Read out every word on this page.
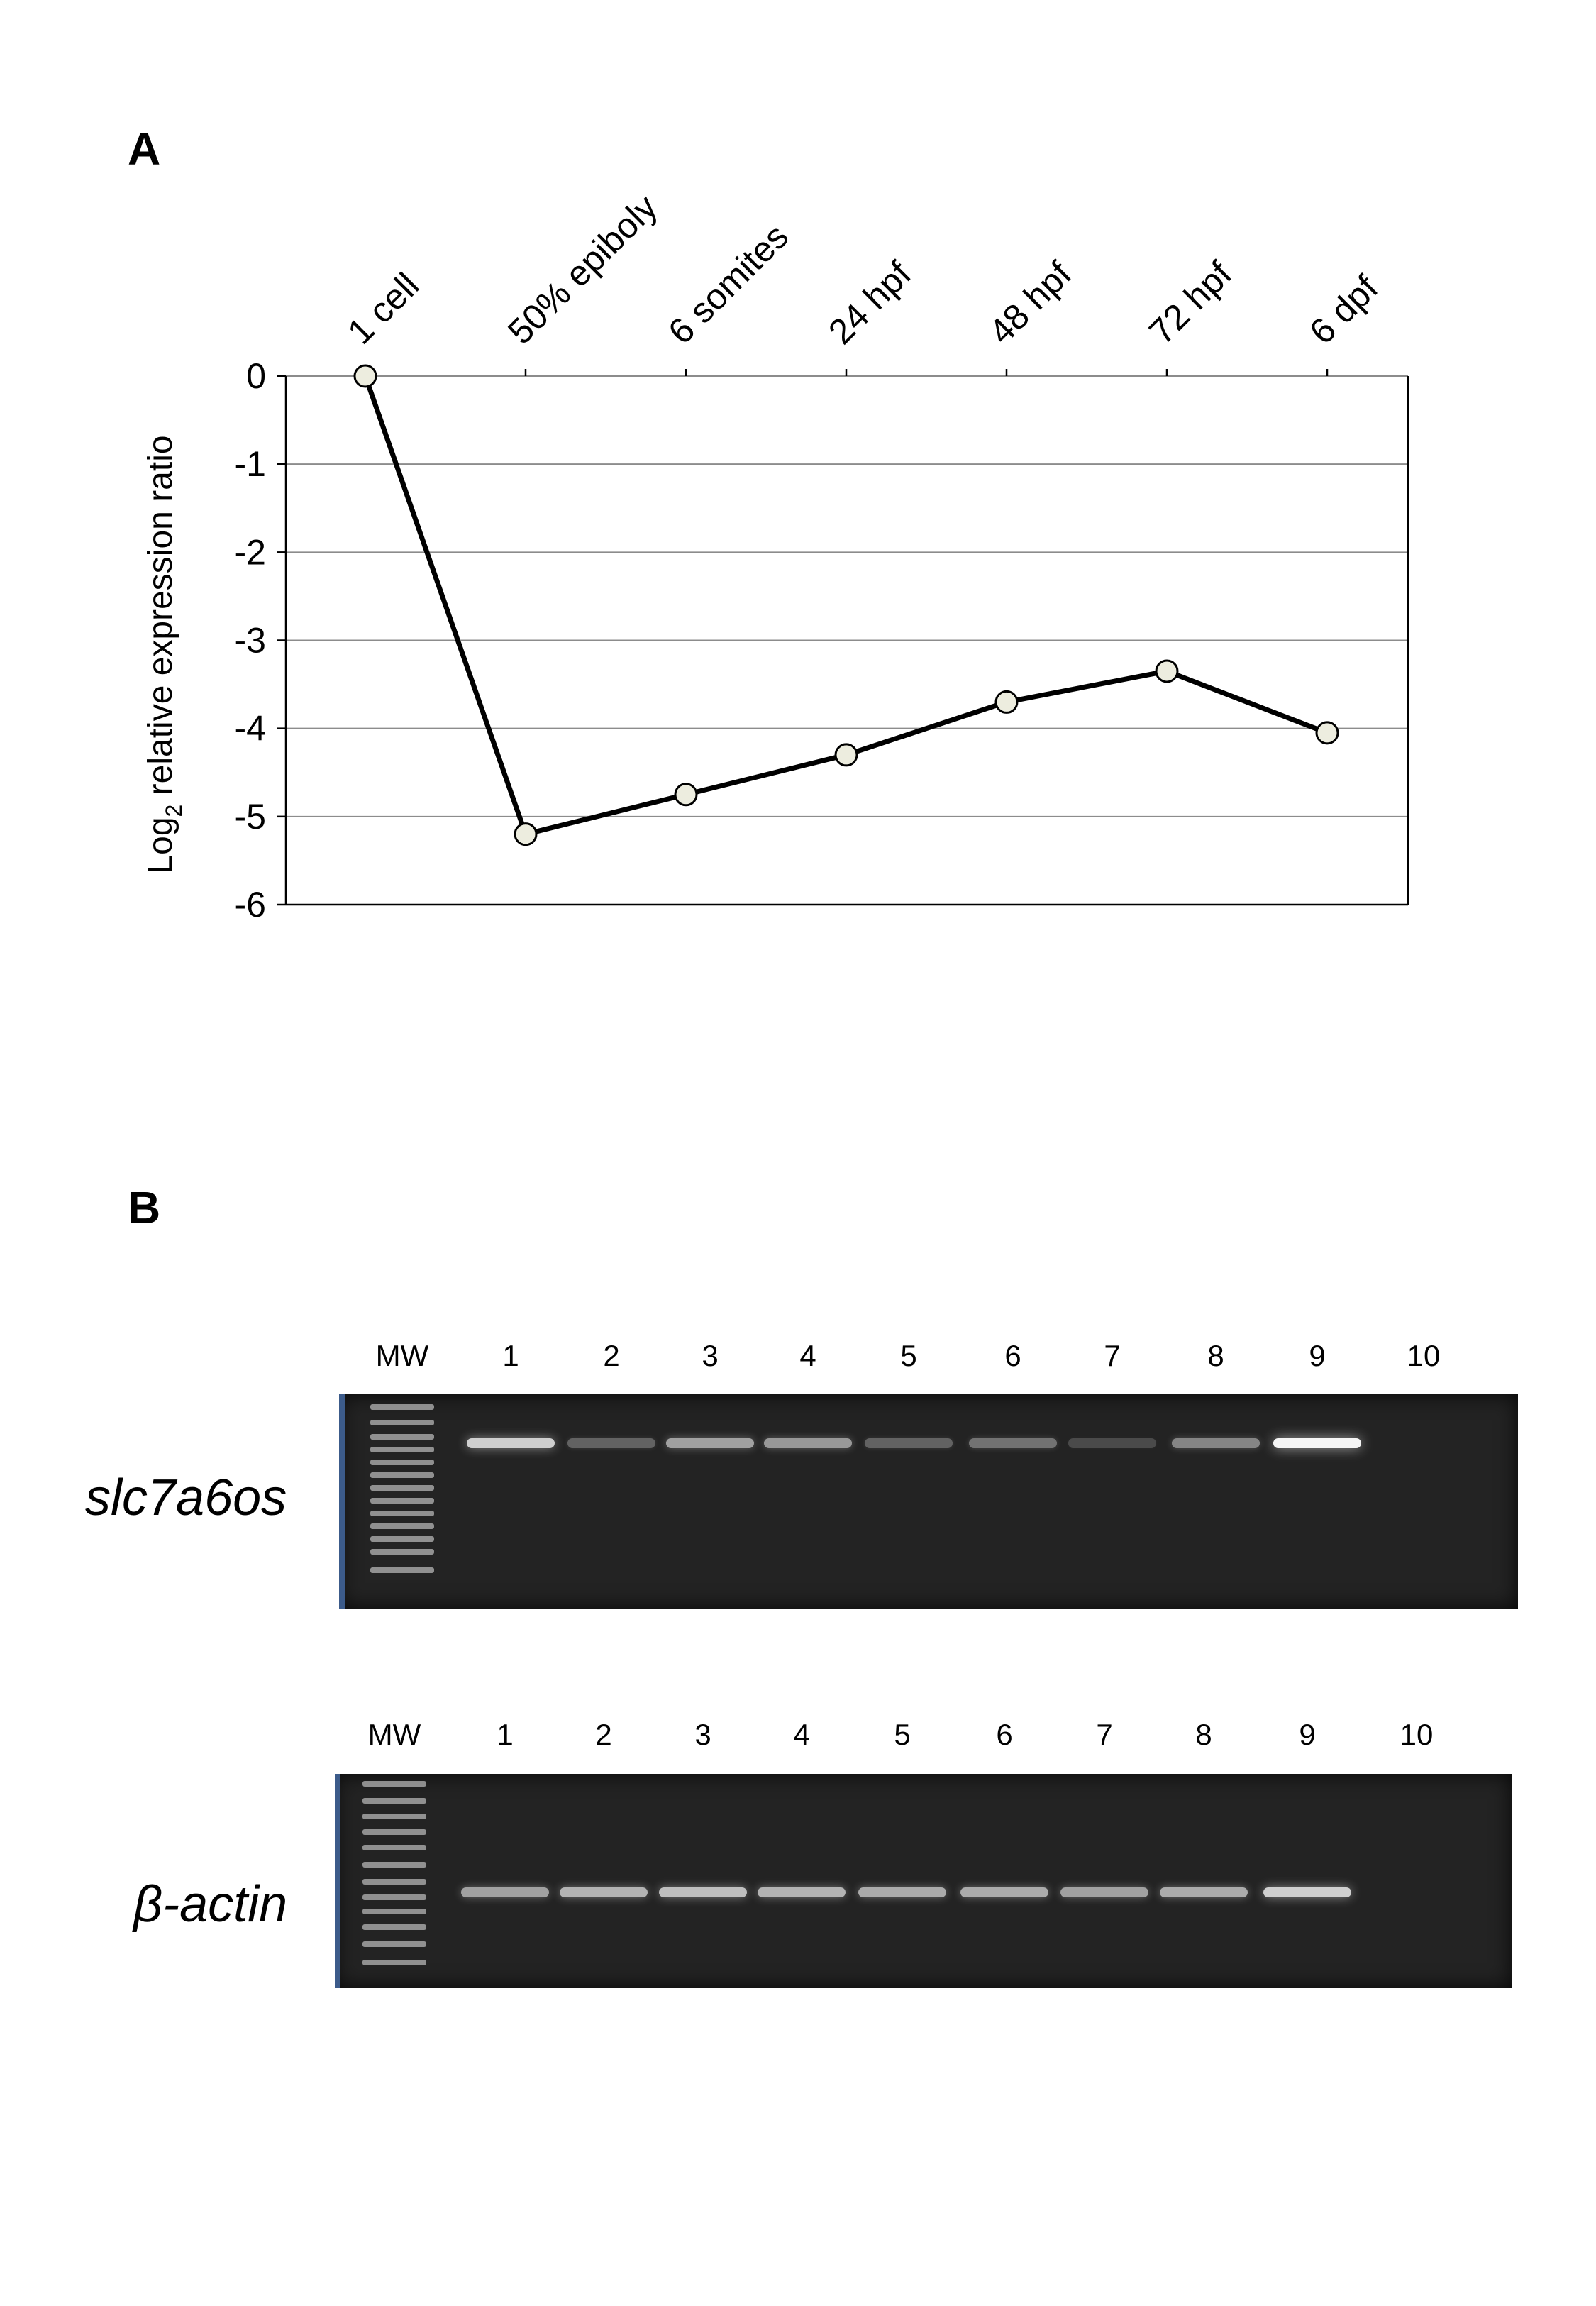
A
B
0
-1
-2
-3
-4
-5
-6
1 cell 50% epiboly
6 somites 24 hpf 48 hpf 72 hpf 6 dpf
Log$_2$ relative expression ratio
slc7a6os
MW 1	2	3	4	5	6	7	8	9	10
β-actin
MW	1	2	3	4	5	6	7	8	9	10
